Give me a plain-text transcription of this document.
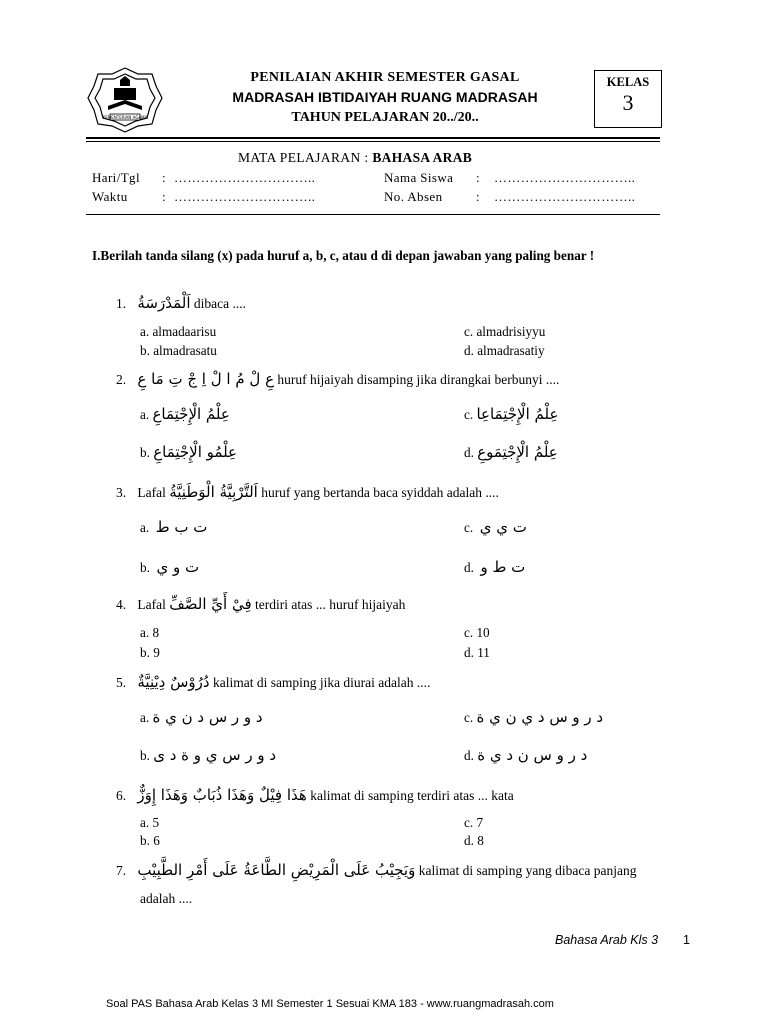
KEMENTERIAN AGAMA
PENILAIAN AKHIR SEMESTER GASAL
MADRASAH IBTIDAIYAH RUANG MADRASAH
TAHUN PELAJARAN 20../20..
KELAS
3
MATA PELAJARAN : BAHASA ARAB
Hari/Tgl : …………………………..
Waktu	: …………………………..
Nama Siswa : …………………………..
No. Absen	: …………………………..
I.Berilah tanda silang (x) pada huruf a, b, c, atau d di depan jawaban yang paling benar !
1. اَلْمَدْرَسَةُ dibaca ....
a. almadaarisu
b. almadrasatu
c. almadrisiyyu
d. almadrasatiy
2. عِ لْ مُ ا لْ اِ جْ تِ مَا عِ huruf hijaiyah disamping jika dirangkai berbunyi ....
a. عِلْمُ الْإِجْتِمَاعِ
b. عِلْمُو الْإِجْتِمَاعِ
c. عِلْمُ الْإِجْتِمَاعِا
d. عِلْمُ الْإِجْتِمَوعِ
3. Lafal اَلتَّرْبِيَّةُ الْوَطَنِيَّةُ huruf yang bertanda baca syiddah adalah ....
a. ت ب ط
b. ت و ي
c. ت ي ي
d. ت ط و
4. Lafal فِيْ أَيِّ الصَّفِّ terdiri atas ... huruf hijaiyah
a. 8
b. 9
c. 10
d. 11
5. دُرُوْسٌ دِيْنِيَّةٌ kalimat di samping jika diurai adalah ....
a. د و ر س د ن ي ة
b. د و ر س ي و ة د ى
c. د ر و س د ي ن ي ة
d. د ر و س ن د ي ة
6. هَذَا فِيْلٌ وَهَذَا ذُبَابٌ وَهَذَا إِوَزٌّ kalimat di samping terdiri atas ... kata
a. 5
b. 6
c. 7
d. 8
7. وَيَجِيْبُ عَلَى الْمَرِيْضِ الطَّاعَةُ عَلَى أَمْرِ الطَّبِيْبِ kalimat di samping yang dibaca panjang
adalah ....
Bahasa Arab Kls 3 1
Soal PAS Bahasa Arab Kelas 3 MI Semester 1 Sesuai KMA 183 - www.ruangmadrasah.com
